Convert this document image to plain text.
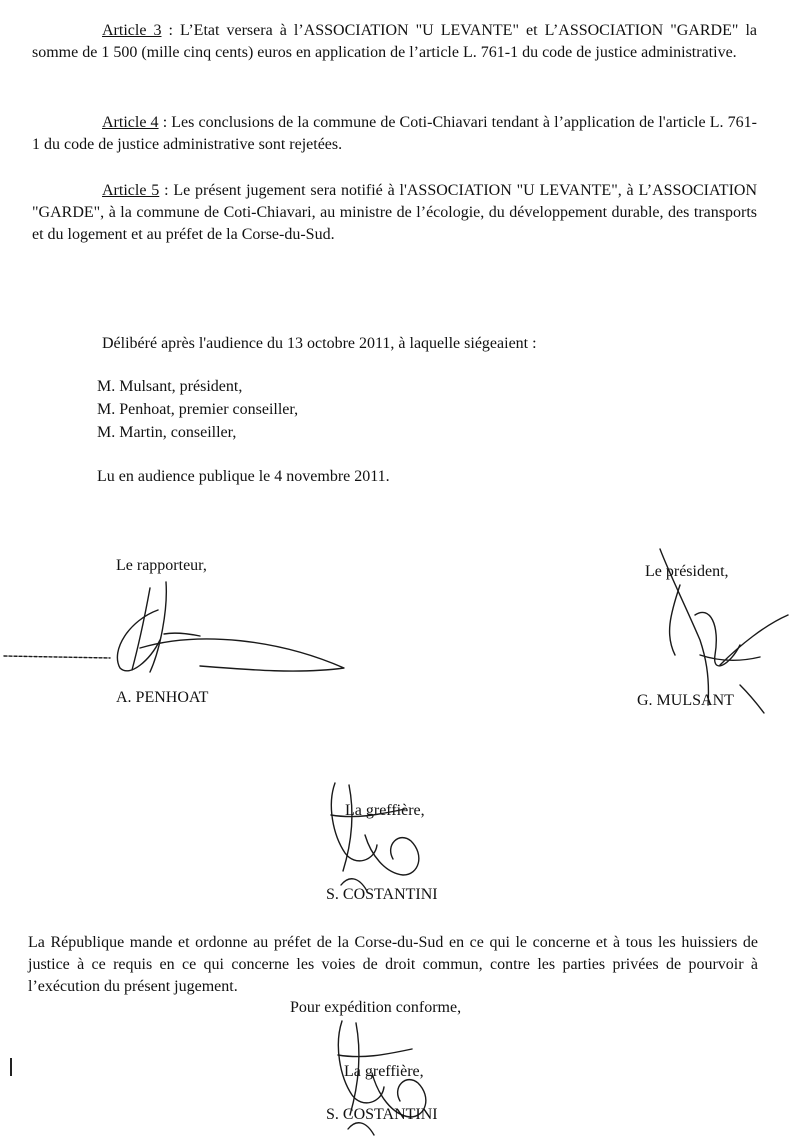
Article 3 : L’Etat versera à l’ASSOCIATION "U LEVANTE" et L’ASSOCIATION "GARDE" la somme de 1 500 (mille cinq cents) euros en application de l’article L. 761-1 du code de justice administrative.

Article 4 : Les conclusions de la commune de Coti-Chiavari tendant à l’application de l'article L. 761-1 du code de justice administrative sont rejetées.

Article 5 : Le présent jugement sera notifié à l'ASSOCIATION "U LEVANTE", à L’ASSOCIATION "GARDE", à la commune de Coti-Chiavari, au ministre de l’écologie, du développement durable, des transports et du logement et au préfet de la Corse-du-Sud.

Délibéré après l'audience du 13 octobre 2011, à laquelle siégeaient :
M. Mulsant, président,
M. Penhoat, premier conseiller,
M. Martin, conseiller,
Lu en audience publique le 4 novembre 2011.
Le rapporteur,
A. PENHOAT
Le président,
G. MULSANT
La greffière,
S. COSTANTINI

La République mande et ordonne au préfet de la Corse-du-Sud en ce qui le concerne et à tous les huissiers de justice à ce requis en ce qui concerne les voies de droit commun, contre les parties privées de pourvoir à l’exécution du présent jugement.

Pour expédition conforme,
La greffière,
S. COSTANTINI
